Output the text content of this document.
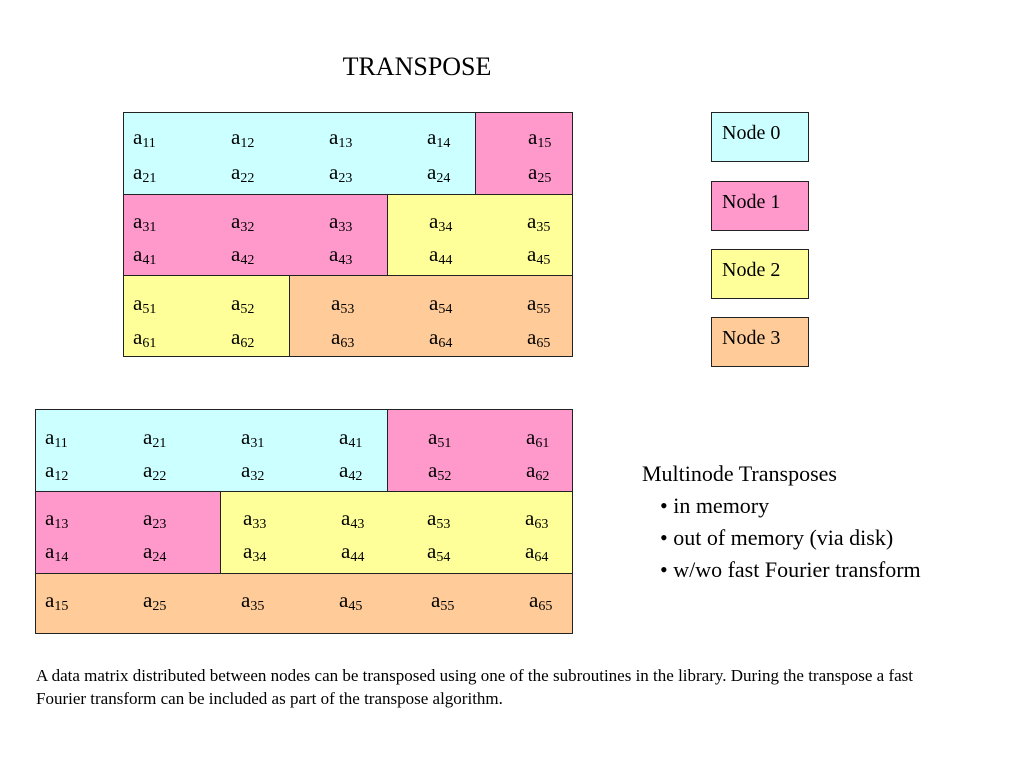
TRANSPOSE
$a_{11}$	$a_{12}$	$a_{13}$	$a_{14}$	$a_{15}$
$a_{21}$	$a_{22}$	$a_{23}$	$a_{24}$	$a_{25}$
$a_{31}$	$a_{32}$	$a_{33}$	$a_{34}$	$a_{35}$
$a_{41}$	$a_{42}$	$a_{43}$	$a_{44}$	$a_{45}$
$a_{51}$	$a_{52}$	$a_{53}$	$a_{54}$	$a_{55}$
$a_{61}$	$a_{62}$	$a_{63}$	$a_{64}$	$a_{65}$
$a_{11}$	$a_{21}$	$a_{31}$	$a_{41}$	$a_{51}$	$a_{61}$
$a_{12}$	$a_{22}$	$a_{32}$	$a_{42}$	$a_{52}$	$a_{62}$
$a_{13}$	$a_{23}$	$a_{33}$	$a_{43}$	$a_{53}$	$a_{63}$
$a_{14}$	$a_{24}$	$a_{34}$	$a_{44}$	$a_{54}$	$a_{64}$
$a_{15}$	$a_{25}$	$a_{35}$	$a_{45}$	$a_{55}$	$a_{65}$
Node 0
Node 1
Node 2
Node 3
Multinode Transposes
• in memory
• out of memory (via disk)
• w/wo fast Fourier transform
A data matrix distributed between nodes can be transposed using one of the subroutines in the library. During the transpose a fast Fourier transform can be included as part of the transpose algorithm.
